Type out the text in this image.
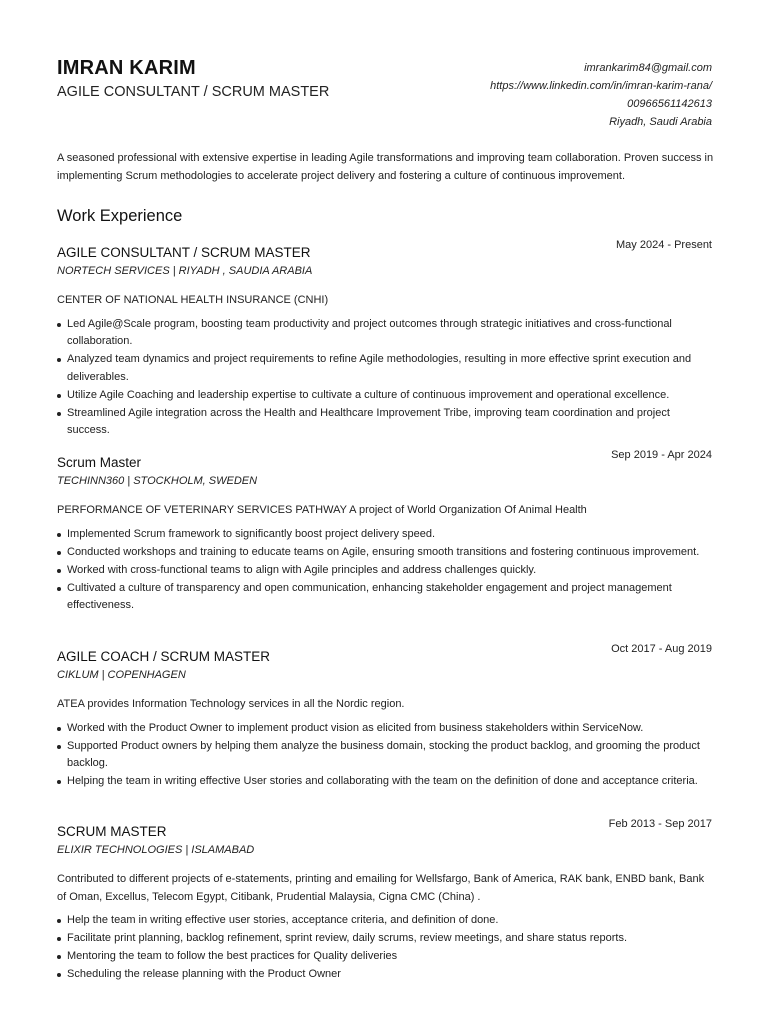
IMRAN KARIM
AGILE CONSULTANT / SCRUM MASTER
imrankarim84@gmail.com
https://www.linkedin.com/in/imran-karim-rana/
00966561142613
Riyadh, Saudi Arabia
A seasoned professional with extensive expertise in leading Agile transformations and improving team collaboration. Proven success in implementing Scrum methodologies to accelerate project delivery and fostering a culture of continuous improvement.
Work Experience
AGILE CONSULTANT / SCRUM MASTER	May 2024 - Present
NORTECH SERVICES | RIYADH , SAUDIA ARABIA
CENTER OF NATIONAL HEALTH INSURANCE (CNHI)
Led Agile@Scale program, boosting team productivity and project outcomes through strategic initiatives and cross-functional collaboration.
Analyzed team dynamics and project requirements to refine Agile methodologies, resulting in more effective sprint execution and deliverables.
Utilize Agile Coaching and leadership expertise to cultivate a culture of continuous improvement and operational excellence.
Streamlined Agile integration across the Health and Healthcare Improvement Tribe, improving team coordination and project success.
Scrum Master	Sep 2019 - Apr 2024
TECHINN360 | STOCKHOLM, SWEDEN
PERFORMANCE OF VETERINARY SERVICES PATHWAY A project of World Organization Of Animal Health
Implemented Scrum framework to significantly boost project delivery speed.
Conducted workshops and training to educate teams on Agile, ensuring smooth transitions and fostering continuous improvement.
Worked with cross-functional teams to align with Agile principles and address challenges quickly.
Cultivated a culture of transparency and open communication, enhancing stakeholder engagement and project management effectiveness.
AGILE COACH / SCRUM MASTER	Oct 2017 - Aug 2019
CIKLUM | COPENHAGEN
ATEA provides Information Technology services in all the Nordic region.
Worked with the Product Owner to implement product vision as elicited from business stakeholders within ServiceNow.
Supported Product owners by helping them analyze the business domain, stocking the product backlog, and grooming the product backlog.
Helping the team in writing effective User stories and collaborating with the team on the definition of done and acceptance criteria.
SCRUM MASTER	Feb 2013 - Sep 2017
ELIXIR TECHNOLOGIES | ISLAMABAD
Contributed to different projects of e-statements, printing and emailing for Wellsfargo, Bank of America, RAK bank, ENBD bank, Bank of Oman, Excellus, Telecom Egypt, Citibank, Prudential Malaysia, Cigna CMC (China) .
Help the team in writing effective user stories, acceptance criteria, and definition of done.
Facilitate print planning, backlog refinement, sprint review, daily scrums, review meetings, and share status reports.
Mentoring the team to follow the best practices for Quality deliveries
Scheduling the release planning with the Product Owner
